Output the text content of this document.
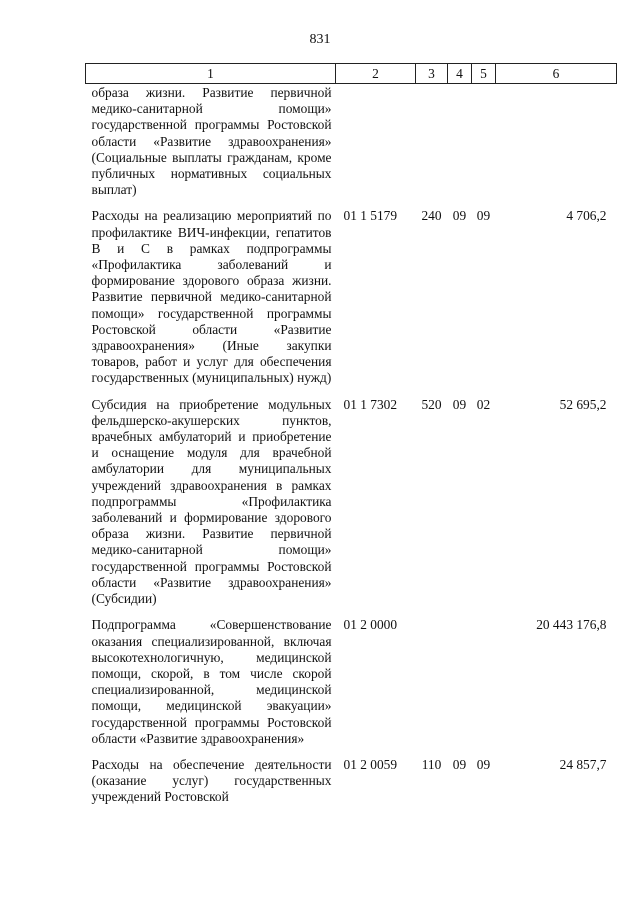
831
1	2	3	4	5	6
образа жизни. Развитие первичной медико-санитарной помощи» государственной программы Ростовской области «Развитие здравоохранения» (Социальные выплаты гражданам, кроме публичных нормативных социальных выплат)					
Расходы на реализацию мероприятий по профилактике ВИЧ-инфекции, гепатитов В и С в рамках подпрограммы «Профилактика заболеваний и формирование здорового образа жизни. Развитие первичной медико-санитарной помощи» государственной программы Ростовской области «Развитие здравоохранения» (Иные закупки товаров, работ и услуг для обеспечения государственных (муниципальных) нужд)	01 1 5179	240	09	09	4 706,2
Субсидия на приобретение модульных фельдшерско-акушерских пунктов, врачебных амбулаторий и приобретение и оснащение модуля для врачебной амбулатории для муниципальных учреждений здравоохранения в рамках подпрограммы «Профилактика заболеваний и формирование здорового образа жизни. Развитие первичной медико-санитарной помощи» государственной программы Ростовской области «Развитие здравоохранения» (Субсидии)	01 1 7302	520	09	02	52 695,2
Подпрограмма «Совершенствование оказания специализированной, включая высокотехнологичную, медицинской помощи, скорой, в том числе скорой специализированной, медицинской помощи, медицинской эвакуации» государственной программы Ростовской области «Развитие здравоохранения»	01 2 0000				20 443 176,8
Расходы на обеспечение деятельности (оказание услуг) государственных учреждений Ростовской	01 2 0059	110	09	09	24 857,7
